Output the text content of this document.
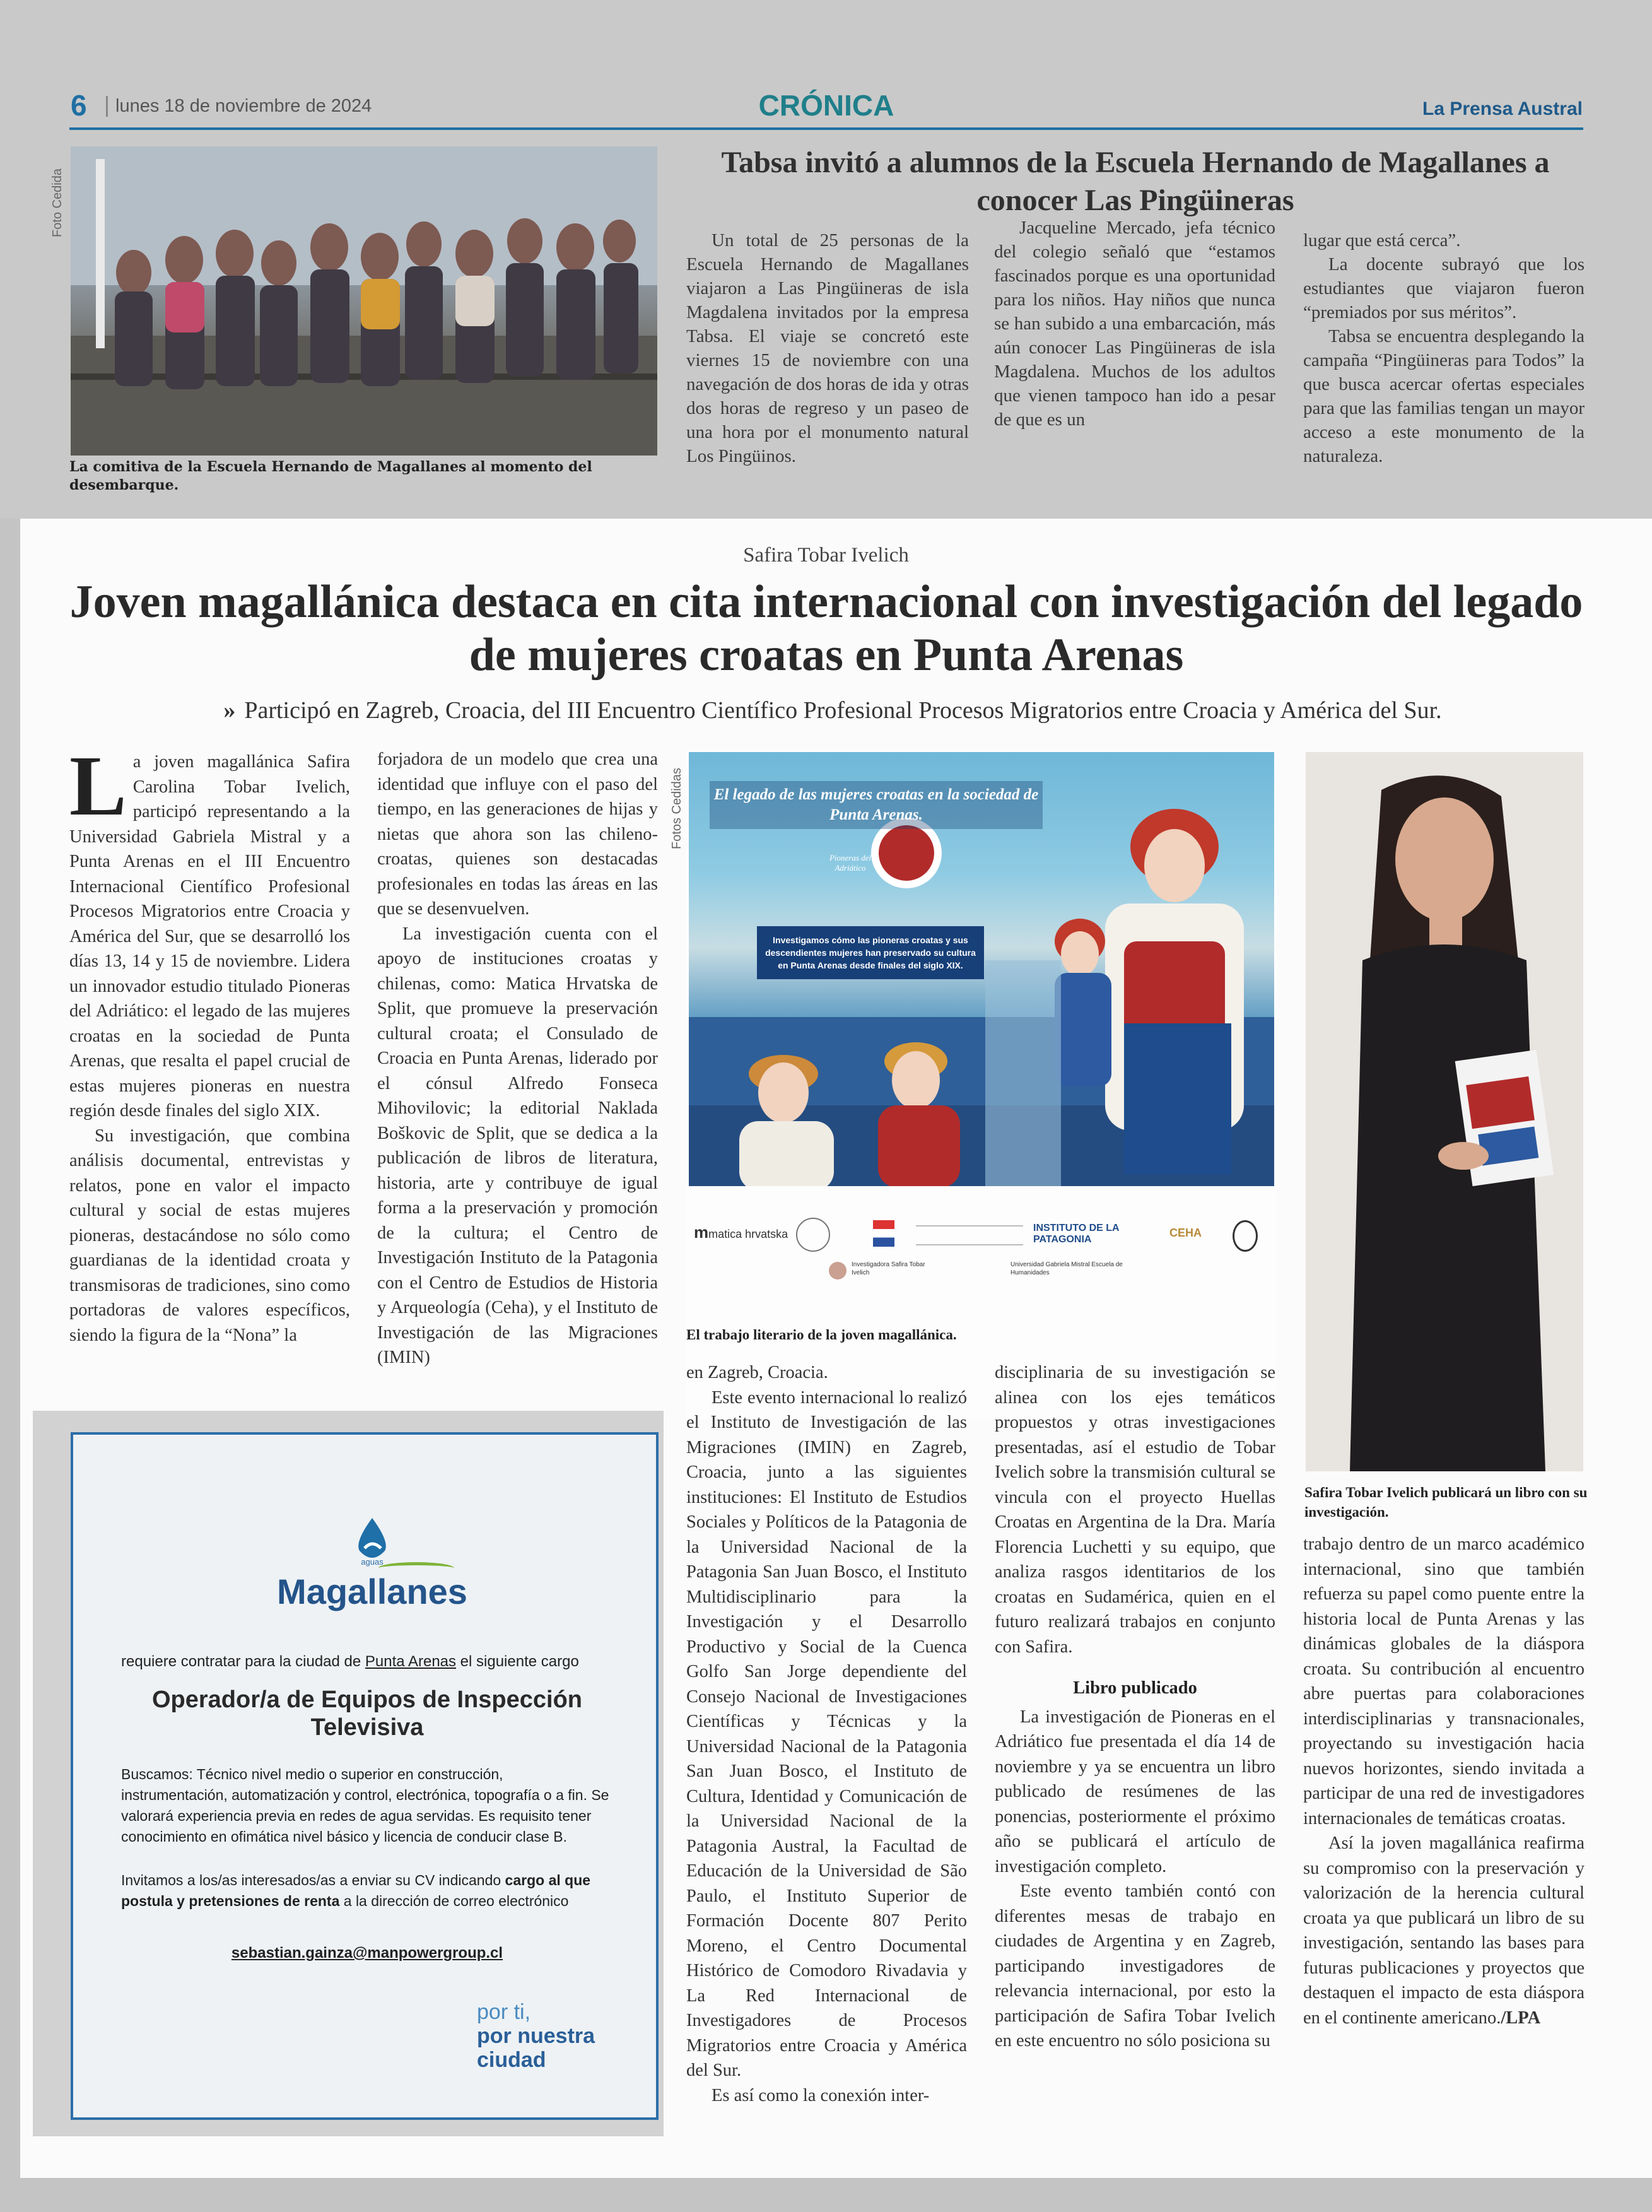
6	lunes 18 de noviembre de 2024	CRÓNICA	La Prensa Austral
Foto Cedida
La comitiva de la Escuela Hernando de Magallanes al momento del desembarque.
Tabsa invitó a alumnos de la Escuela Hernando de Magallanes a conocer Las Pingüineras

Un total de 25 personas de la Escuela Hernando de Magallanes viajaron a Las Pingüineras de isla Magdalena invitados por la empresa Tabsa. El viaje se concretó este viernes 15 de noviembre con una navegación de dos horas de ida y otras dos horas de regreso y un paseo de una hora por el monumento natural Los Pingüinos.

Jacqueline Mercado, jefa técnico del colegio señaló que “estamos fascinados porque es una oportunidad para los niños. Hay niños que nunca se han subido a una embarcación, más aún conocer Las Pingüineras de isla Magdalena. Muchos de los adultos que vienen tampoco han ido a pesar de que es un

lugar que está cerca”.

La docente subrayó que los estudiantes que viajaron fueron “premiados por sus méritos”.

Tabsa se encuentra desplegando la campaña “Pingüineras para Todos” la que busca acercar ofertas especiales para que las familias tengan un mayor acceso a este monumento de la naturaleza.

Safira Tobar Ivelich
Joven magallánica destaca en cita internacional con investigación del legado de mujeres croatas en Punta Arenas
» Participó en Zagreb, Croacia, del III Encuentro Científico Profesional Procesos Migratorios entre Croacia y América del Sur.

La joven magallánica Safira Carolina Tobar Ivelich, participó representando a la Universidad Gabriela Mistral y a Punta Arenas en el III Encuentro Internacional Científico Profesional Procesos Migratorios entre Croacia y América del Sur, que se desarrolló los días 13, 14 y 15 de noviembre. Lidera un innovador estudio titulado Pioneras del Adriático: el legado de las mujeres croatas en la sociedad de Punta Arenas, que resalta el papel crucial de estas mujeres pioneras en nuestra región desde finales del siglo XIX.

Su investigación, que combina análisis documental, entrevistas y relatos, pone en valor el impacto cultural y social de estas mujeres pioneras, destacándose no sólo como guardianas de la identidad croata y transmisoras de tradiciones, sino como portadoras de valores específicos, siendo la figura de la “Nona” la

forjadora de un modelo que crea una identidad que influye con el paso del tiempo, en las generaciones de hijas y nietas que ahora son las chileno-croatas, quienes son destacadas profesionales en todas las áreas en las que se desenvuelven.

La investigación cuenta con el apoyo de instituciones croatas y chilenas, como: Matica Hrvatska de Split, que promueve la preservación cultural croata; el Consulado de Croacia en Punta Arenas, liderado por el cónsul Alfredo Fonseca Mihovilovic; la editorial Naklada Boškovic de Split, que se dedica a la publicación de libros de literatura, historia, arte y contribuye de igual forma a la preservación y promoción de la cultura; el Centro de Investigación Instituto de la Patagonia con el Centro de Estudios de Historia y Arqueología (Ceha), y el Instituto de Investigación de las Migraciones (IMIN)

Fotos Cedidas El legado de las mujeres croatas en la sociedad de Punta Arenas.
Pioneras del Adriático
Investigamos cómo las pioneras croatas y sus descendientes mujeres han preservado su cultura en Punta Arenas desde finales del siglo XIX.
mmatica hrvatska	INSTITUTO DE LA PATAGONIA
CEHA
Investigadora Safira Tobar Ivelich
Universidad Gabriela Mistral Escuela de Humanidades
El trabajo literario de la joven magallánica.
Safira Tobar Ivelich publicará un libro con su investigación.

en Zagreb, Croacia.

Este evento internacional lo realizó el Instituto de Investigación de las Migraciones (IMIN) en Zagreb, Croacia, junto a las siguientes instituciones: El Instituto de Estudios Sociales y Políticos de la Patagonia de la Universidad Nacional de la Patagonia San Juan Bosco, el Instituto Multidisciplinario para la Investigación y el Desarrollo Productivo y Social de la Cuenca Golfo San Jorge dependiente del Consejo Nacional de Investigaciones Científicas y Técnicas y la Universidad Nacional de la Patagonia San Juan Bosco, el Instituto de Cultura, Identidad y Comunicación de la Universidad Nacional de la Patagonia Austral, la Facultad de Educación de la Universidad de São Paulo, el Instituto Superior de Formación Docente 807 Perito Moreno, el Centro Documental Histórico de Comodoro Rivadavia y La Red Internacional de Investigadores de Procesos Migratorios entre Croacia y América del Sur.

Es así como la conexión inter-

disciplinaria de su investigación se alinea con los ejes temáticos propuestos y otras investigaciones presentadas, así el estudio de Tobar Ivelich sobre la transmisión cultural se vincula con el proyecto Huellas Croatas en Argentina de la Dra. María Florencia Luchetti y su equipo, que analiza rasgos identitarios de los croatas en Sudamérica, quien en el futuro realizará trabajos en conjunto con Safira.

Libro publicado

La investigación de Pioneras en el Adriático fue presentada el día 14 de noviembre y ya se encuentra un libro publicado de resúmenes de las ponencias, posteriormente el próximo año se publicará el artículo de investigación completo.

Este evento también contó con diferentes mesas de trabajo en ciudades de Argentina y en Zagreb, participando investigadores de relevancia internacional, por esto la participación de Safira Tobar Ivelich en este encuentro no sólo posiciona su

trabajo dentro de un marco académico internacional, sino que también refuerza su papel como puente entre la historia local de Punta Arenas y las dinámicas globales de la diáspora croata. Su contribución al encuentro abre puertas para colaboraciones interdisciplinarias y transnacionales, proyectando su investigación hacia nuevos horizontes, siendo invitada a participar de una red de investigadores internacionales de temáticas croatas.

Así la joven magallánica reafirma su compromiso con la preservación y valorización de la herencia cultural croata ya que publicará un libro de su investigación, sentando las bases para futuras publicaciones y proyectos que destaquen el impacto de esta diáspora en el continente americano./LPA

aguas
Magallanes
requiere contratar para la ciudad de Punta Arenas el siguiente cargo
Operador/a de Equipos de Inspección Televisiva
Buscamos: Técnico nivel medio o superior en construcción, instrumentación, automatización y control, electrónica, topografía o a fin. Se valorará experiencia previa en redes de agua servidas. Es requisito tener conocimiento en ofimática nivel básico y licencia de conducir clase B.
Invitamos a los/as interesados/as a enviar su CV indicando cargo al que postula y pretensiones de renta a la dirección de correo electrónico
sebastian.gainza@manpowergroup.cl
por ti,
por nuestra
ciudad
